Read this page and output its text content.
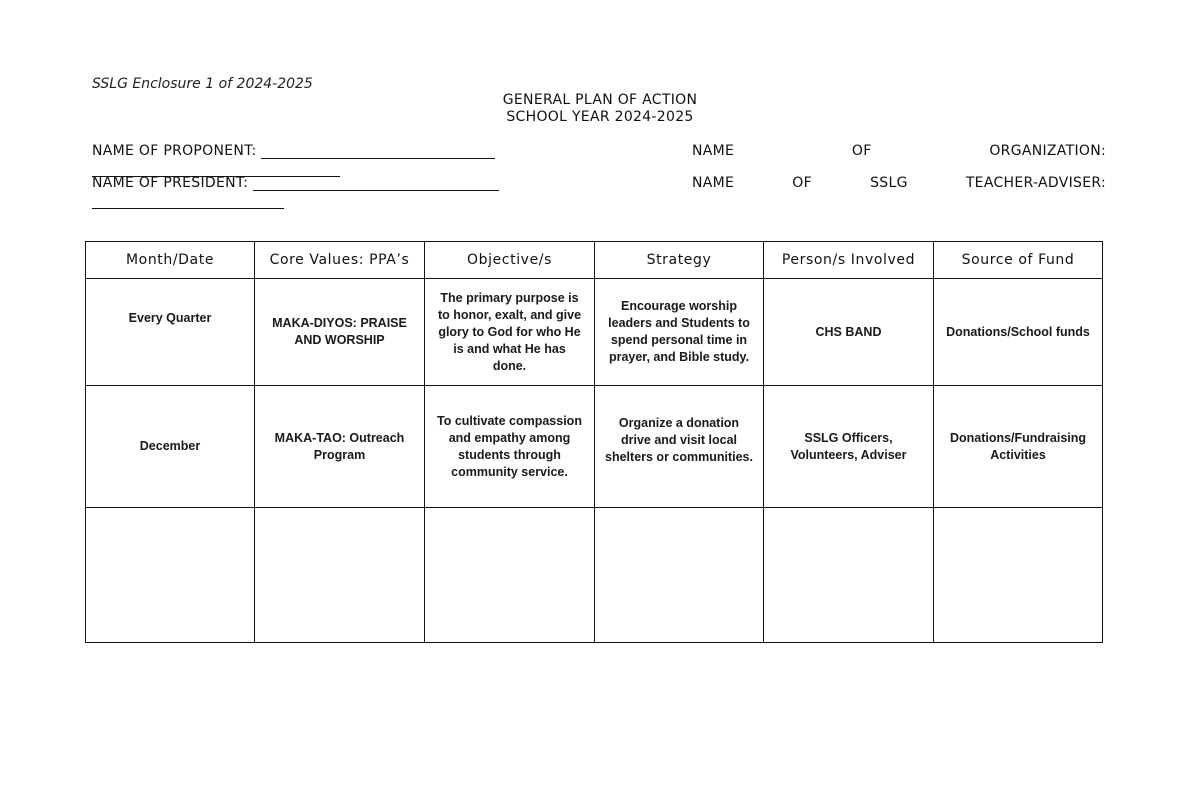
SSLG Enclosure 1 of 2024-2025
GENERAL PLAN OF ACTION
SCHOOL YEAR 2024-2025
NAME OF PROPONENT:	NAME	OF	ORGANIZATION:
NAME OF PRESIDENT:	NAME	OF	SSLG	TEACHER-ADVISER:
Month/Date	Core Values: PPA’s	Objective/s	Strategy	Person/s Involved	Source of Fund
Every Quarter	MAKA-DIYOS: PRAISE AND WORSHIP	The primary purpose is to honor, exalt, and give glory to God for who He is and what He has done.	Encourage worship leaders and Students to spend personal time in prayer, and Bible study.	CHS BAND	Donations/School funds
December	MAKA-TAO: Outreach Program	To cultivate compassion and empathy among students through community service.	Organize a donation drive and visit local shelters or communities.	SSLG Officers, Volunteers, Adviser	Donations/Fundraising Activities
